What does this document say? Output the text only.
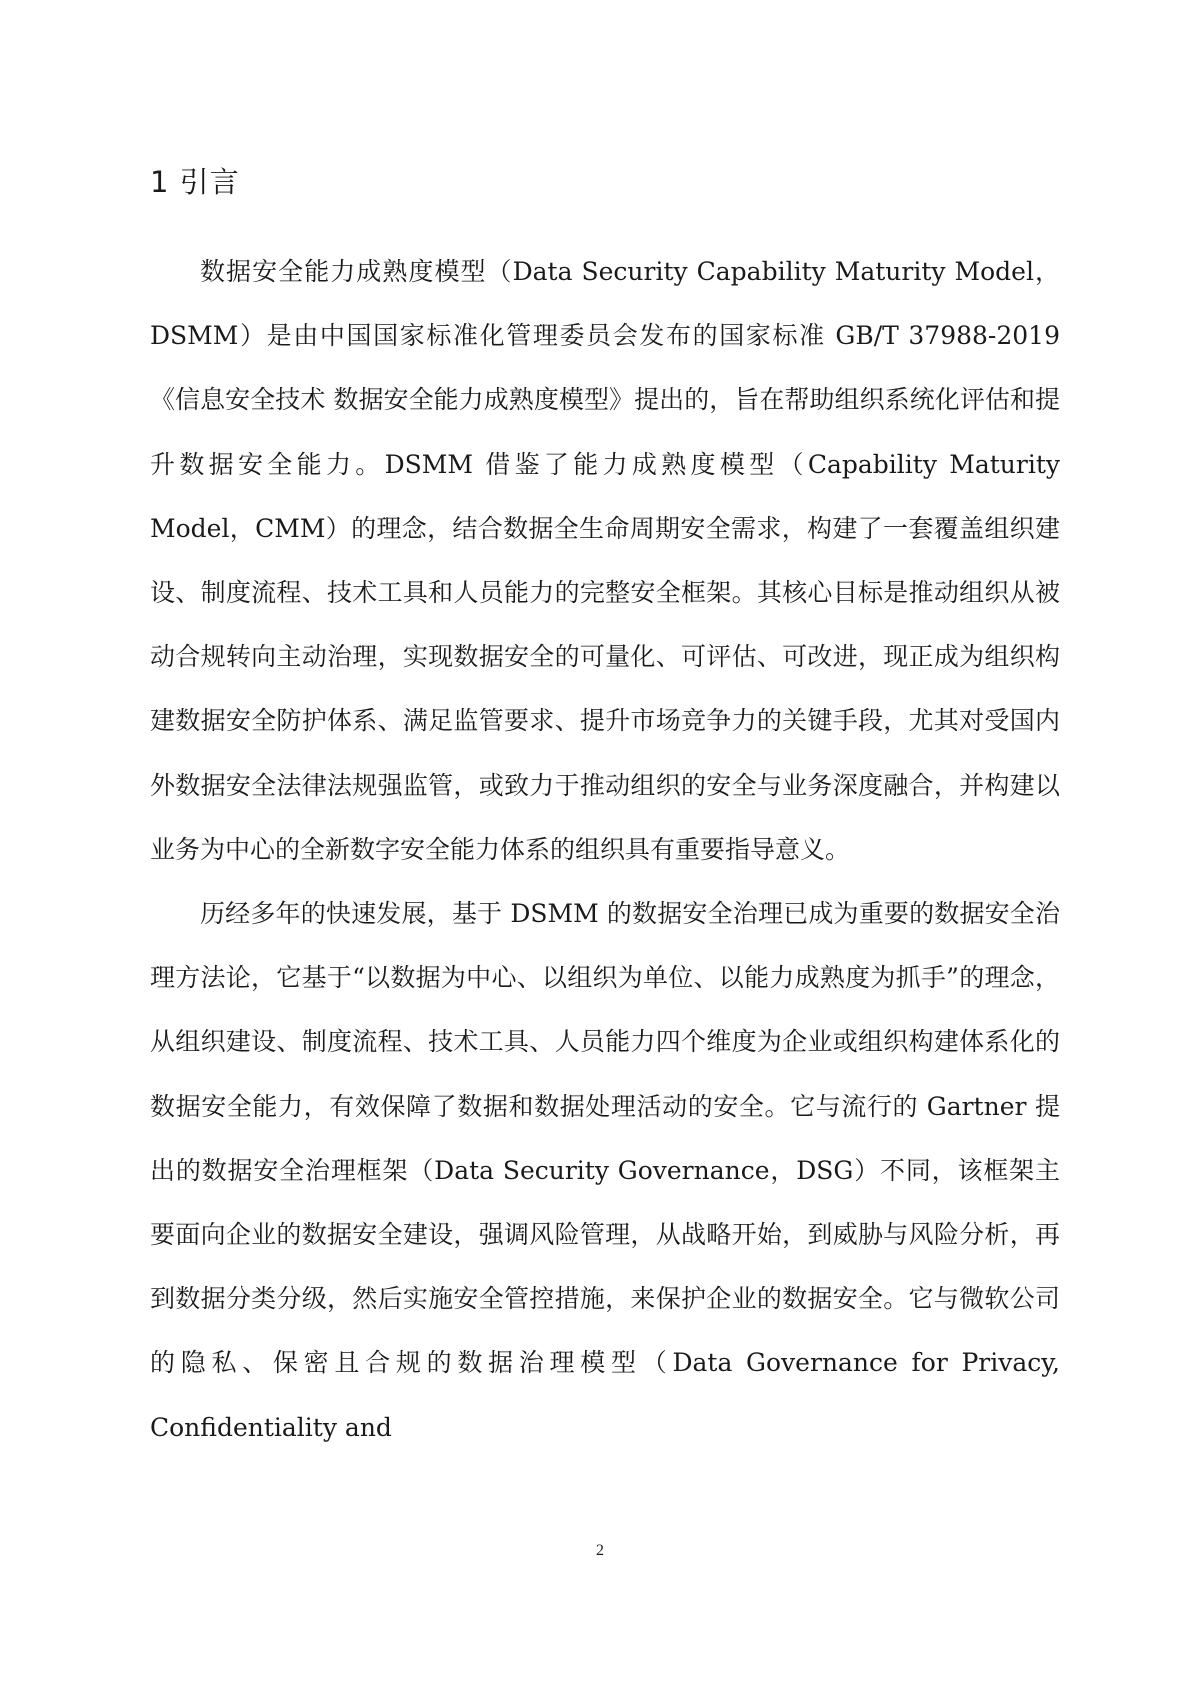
1 引言

数据安全能力成熟度模型（Data Security Capability Maturity Model，DSMM）是由中国国家标准化管理委员会发布的国家标准 GB/T 37988-2019《信息安全技术 数据安全能力成熟度模型》提出的，旨在帮助组织系统化评估和提升数据安全能力。DSMM 借鉴了能力成熟度模型（Capability Maturity Model，CMM）的理念，结合数据全生命周期安全需求，构建了一套覆盖组织建设、制度流程、技术工具和人员能力的完整安全框架。其核心目标是推动组织从被动合规转向主动治理，实现数据安全的可量化、可评估、可改进，现正成为组织构建数据安全防护体系、满足监管要求、提升市场竞争力的关键手段，尤其对受国内外数据安全法律法规强监管，或致力于推动组织的安全与业务深度融合，并构建以业务为中心的全新数字安全能力体系的组织具有重要指导意义。

历经多年的快速发展，基于 DSMM 的数据安全治理已成为重要的数据安全治理方法论，它基于“以数据为中心、以组织为单位、以能力成熟度为抓手”的理念，从组织建设、制度流程、技术工具、人员能力四个维度为企业或组织构建体系化的数据安全能力，有效保障了数据和数据处理活动的安全。它与流行的 Gartner 提出的数据安全治理框架（Data Security Governance，DSG）不同，该框架主要面向企业的数据安全建设，强调风险管理，从战略开始，到威胁与风险分析，再到数据分类分级，然后实施安全管控措施，来保护企业的数据安全。它与微软公司的隐私、保密且合规的数据治理模型（Data Governance for Privacy, Confidentiality and

2
